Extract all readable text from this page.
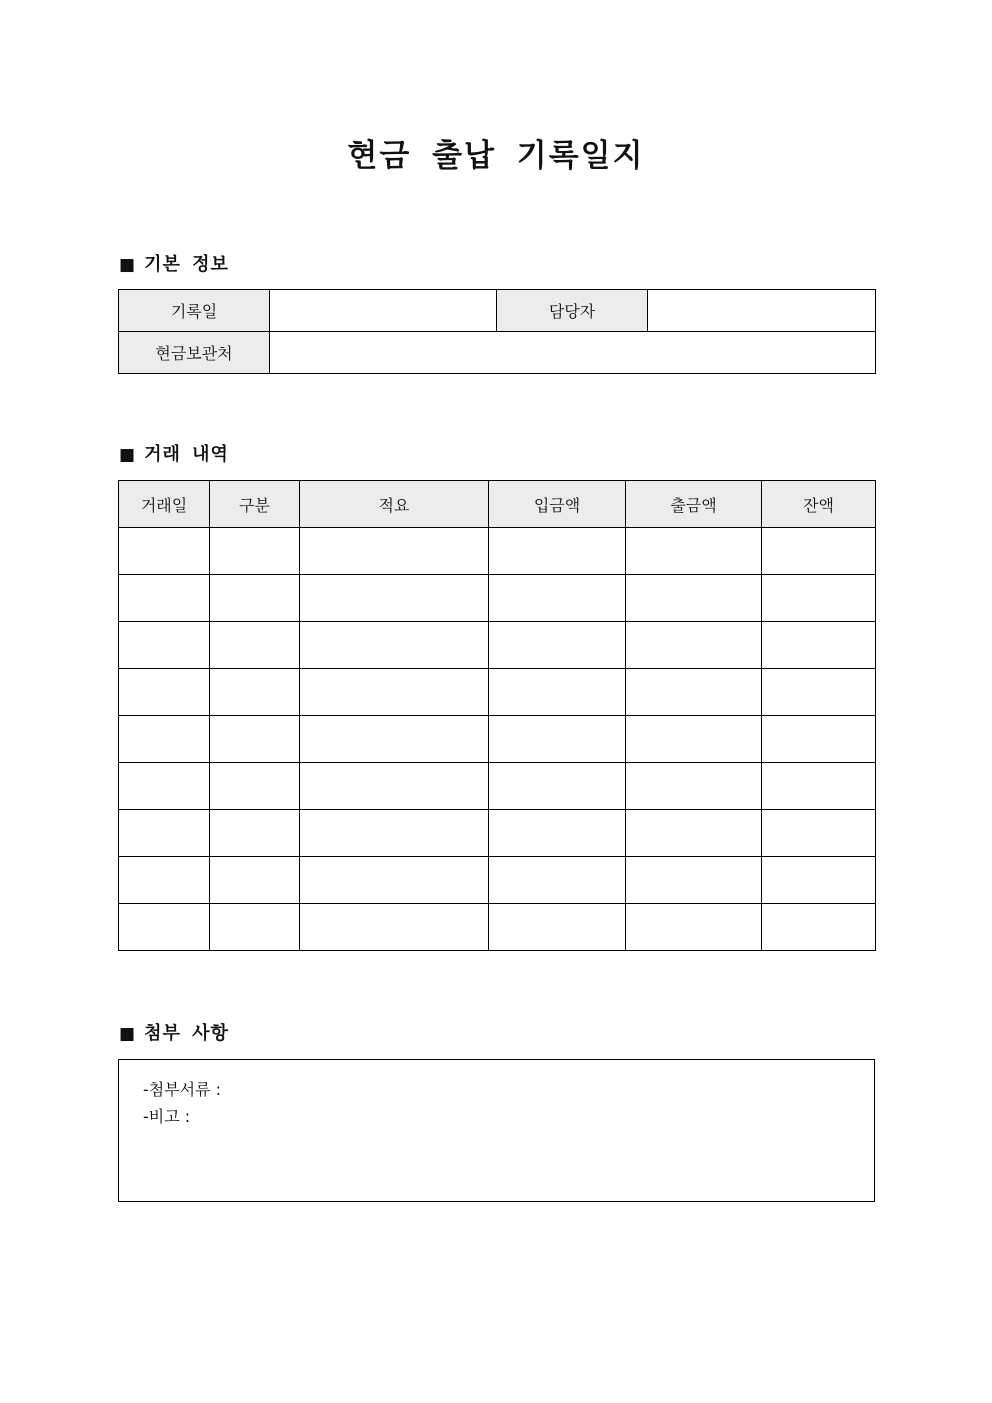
현금 출납 기록일지
■ 기본 정보
기록일		담당자	
현금보관처			
■ 거래 내역
거래일	구분	적요	입금액	출금액	잔액

■ 첨부 사항
-첨부서류 :
-비고 :
